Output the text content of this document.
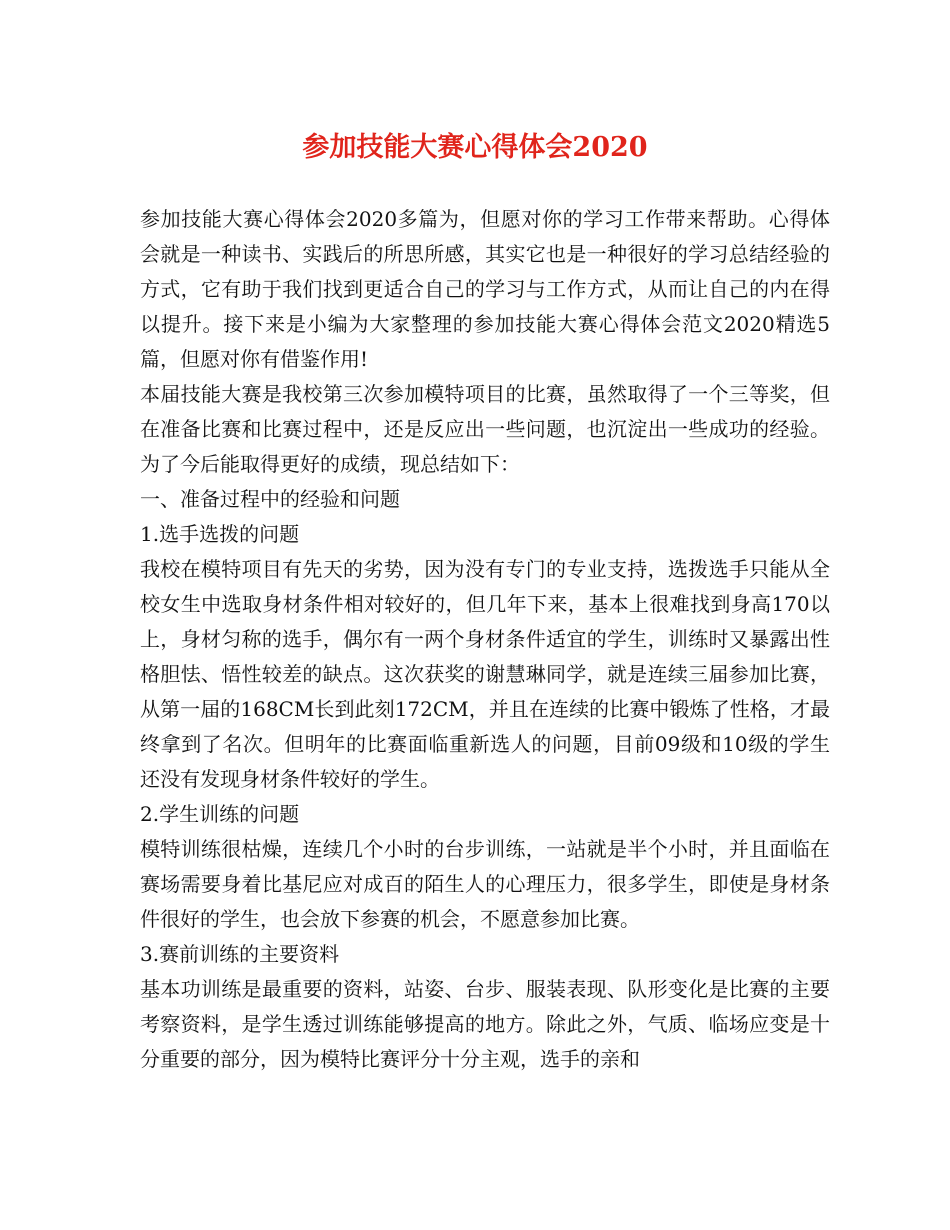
参加技能大赛心得体会2020

参加技能大赛心得体会2020多篇为，但愿对你的学习工作带来帮助。心得体会就是一种读书、实践后的所思所感，其实它也是一种很好的学习总结经验的方式，它有助于我们找到更适合自己的学习与工作方式，从而让自己的内在得以提升。接下来是小编为大家整理的参加技能大赛心得体会范文2020精选5篇，但愿对你有借鉴作用!

本届技能大赛是我校第三次参加模特项目的比赛，虽然取得了一个三等奖，但在准备比赛和比赛过程中，还是反应出一些问题，也沉淀出一些成功的经验。为了今后能取得更好的成绩，现总结如下：

一、准备过程中的经验和问题

1.选手选拨的问题

我校在模特项目有先天的劣势，因为没有专门的专业支持，选拨选手只能从全校女生中选取身材条件相对较好的，但几年下来，基本上很难找到身高170以上，身材匀称的选手，偶尔有一两个身材条件适宜的学生，训练时又暴露出性格胆怯、悟性较差的缺点。这次获奖的谢慧琳同学，就是连续三届参加比赛，从第一届的168CM长到此刻172CM，并且在连续的比赛中锻炼了性格，才最终拿到了名次。但明年的比赛面临重新选人的问题，目前09级和10级的学生还没有发现身材条件较好的学生。

2.学生训练的问题

模特训练很枯燥，连续几个小时的台步训练，一站就是半个小时，并且面临在赛场需要身着比基尼应对成百的陌生人的心理压力，很多学生，即使是身材条件很好的学生，也会放下参赛的机会，不愿意参加比赛。

3.赛前训练的主要资料

基本功训练是最重要的资料，站姿、台步、服装表现、队形变化是比赛的主要考察资料，是学生透过训练能够提高的地方。除此之外，气质、临场应变是十分重要的部分，因为模特比赛评分十分主观，选手的亲和
